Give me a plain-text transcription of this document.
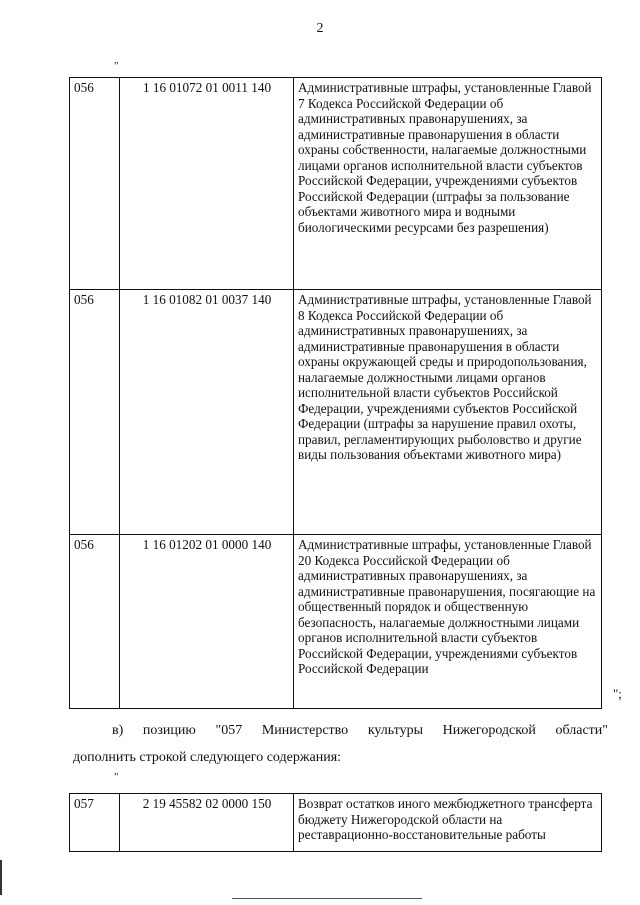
2
"
056	1 16 01072 01 0011 140	Административные штрафы, установленные Главой 7 Кодекса Российской Федерации об административных правонарушениях, за административные правонарушения в области охраны собственности, налагаемые должностными лицами органов исполнительной власти субъектов Российской Федерации, учреждениями субъектов Российской Федерации (штрафы за пользование объектами животного мира и водными биологическими ресурсами без разрешения)
056	1 16 01082 01 0037 140	Административные штрафы, установленные Главой 8 Кодекса Российской Федерации об административных правонарушениях, за административные правонарушения в области охраны окружающей среды и природопользования, налагаемые должностными лицами органов исполнительной власти субъектов Российской Федерации, учреждениями субъектов Российской Федерации (штрафы за нарушение правил охоты, правил, регламентирующих рыболовство и другие виды пользования объектами животного мира)
056	1 16 01202 01 0000 140	Административные штрафы, установленные Главой 20 Кодекса Российской Федерации об административных правонарушениях, за административные правонарушения, посягающие на общественный порядок и общественную безопасность, налагаемые должностными лицами органов исполнительной власти субъектов Российской Федерации, учреждениями субъектов Российской Федерации
";
в) позицию "057 Министерство культуры Нижегородской области"
дополнить строкой следующего содержания:
"
057	2 19 45582 02 0000 150	Возврат остатков иного межбюджетного трансферта бюджету Нижегородской области на реставрационно-восстановительные работы
